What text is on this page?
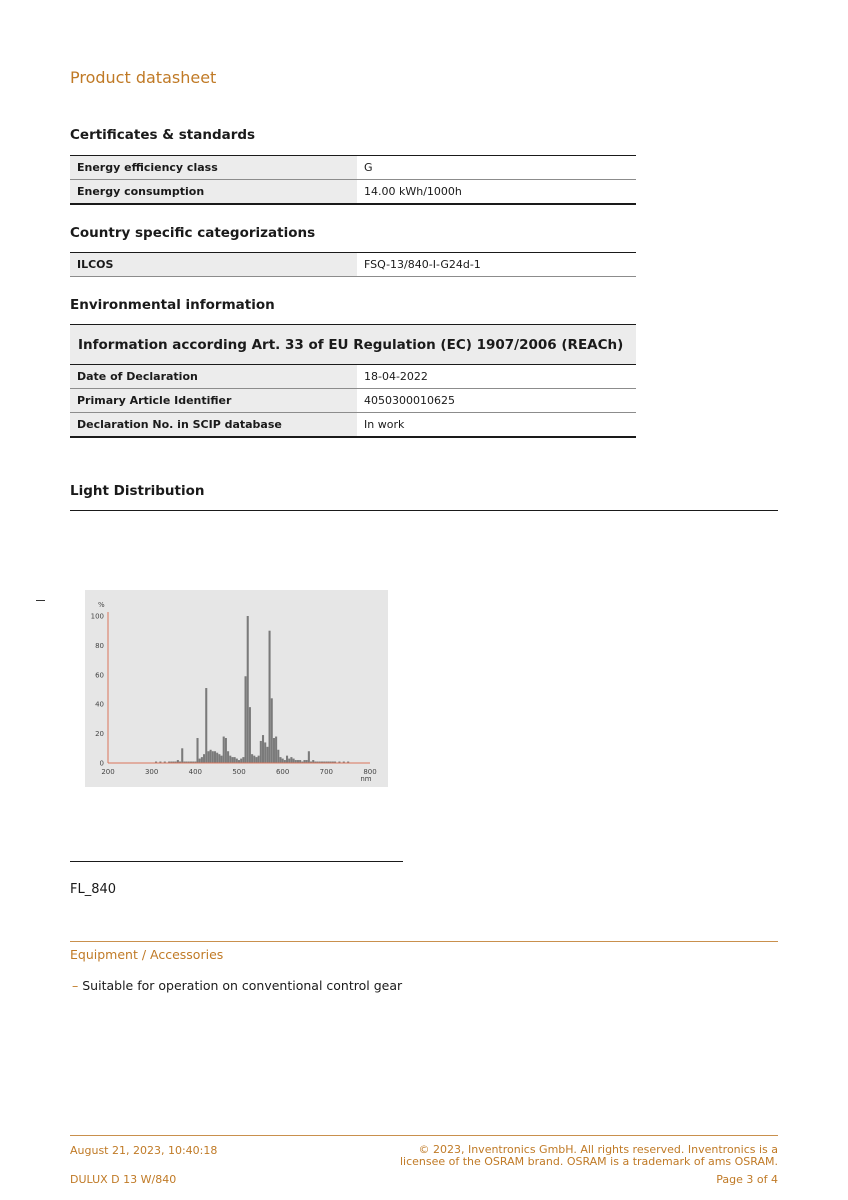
Product datasheet
Certificates & standards
Energy efficiency class	G
Energy consumption	14.00 kWh/1000h
Country specific categorizations
ILCOS	FSQ-13/840-I-G24d-1
Environmental information
Information according Art. 33 of EU Regulation (EC) 1907/2006 (REACh)	
Date of Declaration	18-04-2022
Primary Article Identifier	4050300010625
Declaration No. in SCIP database	In work
Light Distribution
%
nm
0
20
40
60
80
100
200	300	400	500	600	700	800
FL_840
Equipment / Accessories
– Suitable for operation on conventional control gear
August 21, 2023, 10:40:18	© 2023, Inventronics GmbH. All rights reserved. Inventronics is a
licensee of the OSRAM brand. OSRAM is a trademark of ams OSRAM.
DULUX D 13 W/840	Page 3 of 4
